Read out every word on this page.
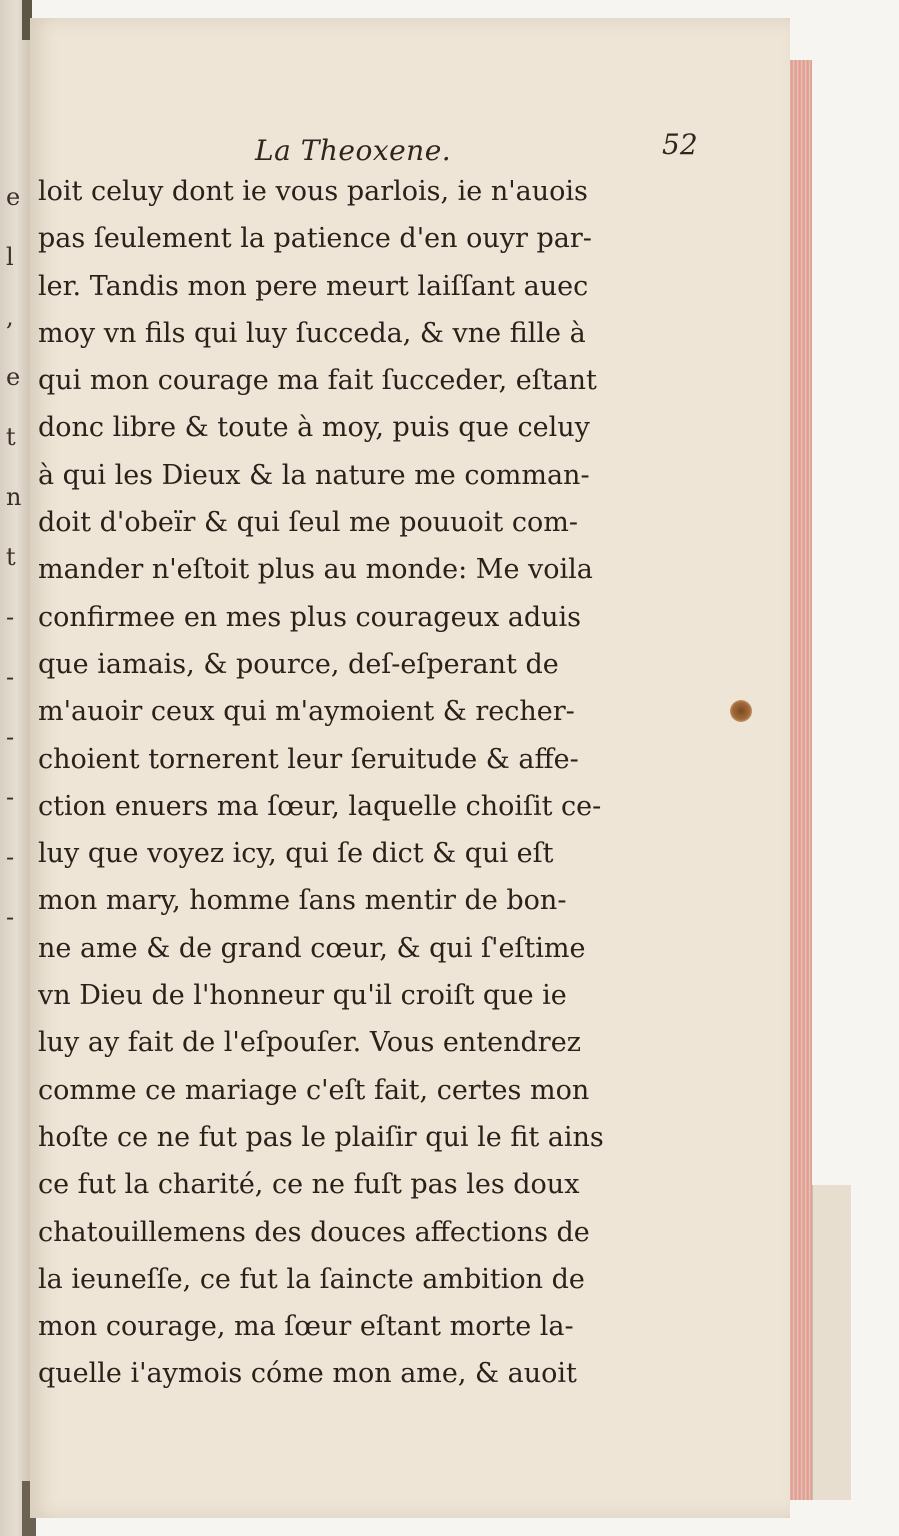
e
l
,
e
t
n
t
-
-
-
-
-
-
La Theoxene.	52
loit celuy dont ie vous parlois, ie n'auois
pas ſeulement la patience d'en ouyr par-
ler. Tandis mon pere meurt laiſſant auec
moy vn fils qui luy ſucceda, & vne fille à
qui mon courage ma fait ſucceder, eſtant
donc libre & toute à moy, puis que celuy
à qui les Dieux & la nature me comman-
doit d'obeïr & qui ſeul me pouuoit com-
mander n'eſtoit plus au monde: Me voila
confirmee en mes plus courageux aduis
que iamais, & pource, deſ-eſperant de
m'auoir ceux qui m'aymoient & recher-
choient tornerent leur ſeruitude & affe-
ction enuers ma ſœur, laquelle choiſit ce-
luy que voyez icy, qui ſe dict & qui eſt
mon mary, homme ſans mentir de bon-
ne ame & de grand cœur, & qui ſ'eſtime
vn Dieu de l'honneur qu'il croiſt que ie
luy ay fait de l'eſpouſer. Vous entendrez
comme ce mariage c'eſt fait, certes mon
hoſte ce ne fut pas le plaiſir qui le fit ains
ce fut la charité, ce ne fuſt pas les doux
chatouillemens des douces affections de
la ieuneſſe, ce fut la ſaincte ambition de
mon courage, ma ſœur eſtant morte la-
quelle i'aymois cóme mon ame, & auoit
